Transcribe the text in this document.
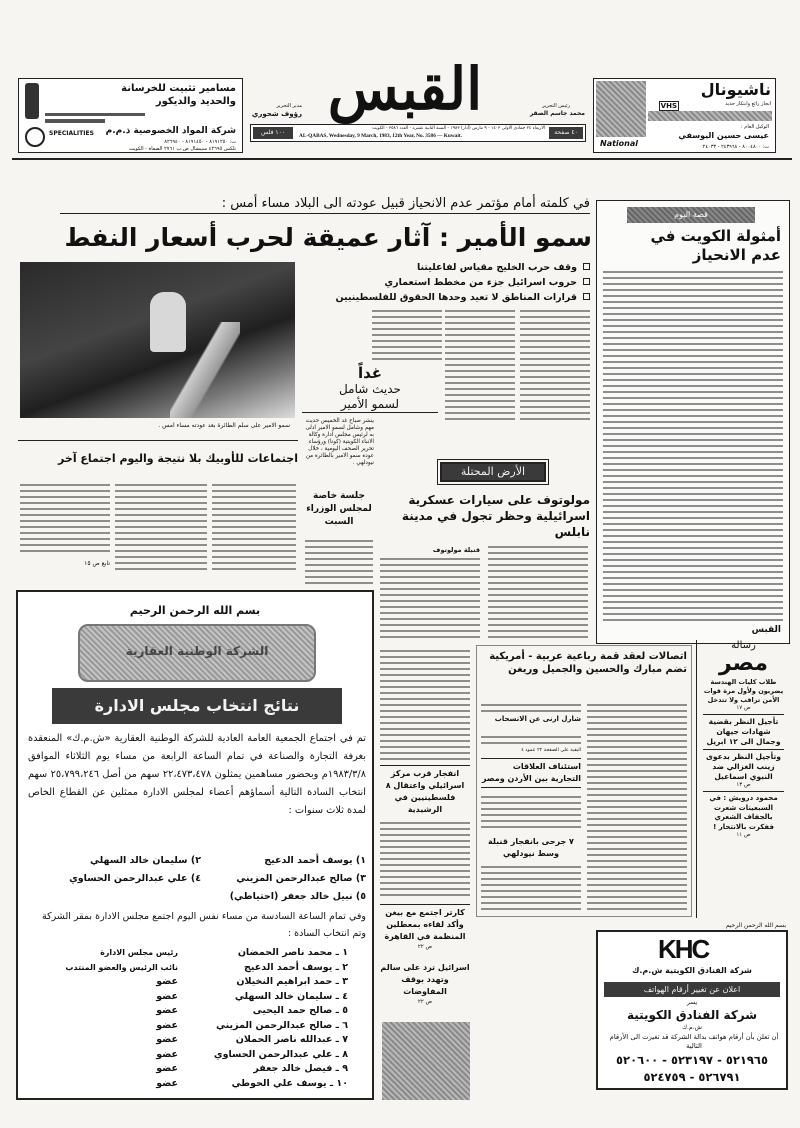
مسامير تثبيت للخرسانة والحديد والديكور
شركة المواد الخصوصية ذ.م.م
SPECIALITIES
ت: ٨١٩١٢٥٠ - ٨١٩١٤٥٠ - ٨٢٦٩٤٠
تلكس ٤٢٦٩٥ سبيشال ص.ب ٢٧٦١ الصفاة - الكويت
مدير التحرير
رؤوف شحوري القبس	رئيس التحرير
محمد جاسم الصقر
١٠٠ فلس	٤٠ صفحة
الاربعاء ٢٤ جمادى الاولى ١٤٠٣ - ٩ مارس (آذار) ١٩٨٣ - السنة الثانية عشرة - العدد ٣٥٨٦ - الكويت
AL-QABAS, Wednesday, 9 March, 1983, 12th Year, No. 3586 — Kuwait.
ناشيونال
VHS	انجاز رائع وابتكار جديد
National
الوكيل العام :
عيسى حسين اليوسفي
ت: ٨٠٠٤٨٠٠ - ٢٤٣٩٦٨ - ٢٤٠٣٣
في كلمته أمام مؤتمر عدم الانحياز قبيل عودته الى البلاد مساء أمس :
سمو الأمير : آثار عميقة لحرب أسعار النفط
سمو الامير على سلم الطائرة بعد عودته مساء امس .
وقف حرب الخليج مقياس لفاعليتنا
حروب اسرائيل جزء من مخطط استعماري
قرارات المناطق لا تعيد وحدها الحقوق للفلسطينيين
غداً
حديث شامل
لسمو الأمير
ينشر صباح غد الخميس حديث مهم وشامل لسمو الامير ادلى به لرئيس مجلس ادارة وكالة الانباء الكويتية (كونا) ورؤساء تحرير الصحف اليومية ، خلال عودة سمو الامير بالطائرة من نيودلهي .
اجتماعات للأوبيك بلا نتيجة واليوم اجتماع آخر
تابع ص ١٥
جلسة خاصة لمجلس الوزراء السبت
الأرض المحتلة
مولوتوف على سيارات عسكرية اسرائيلية وحظر تجول في مدينة نابلس
قنبلة مولوتوف
قصة اليوم
أمثولة الكويت في عدم الانحياز
القبس
اتصالات لعقد قمة رباعية عربية - أمريكية
تضم مبارك والحسين والجميل وريغن
شارل ارنى عن الانسحاب
البقية على الصفحة ٢٢ عمود ٤
استئناف العلاقات التجارية بين الأردن ومصر
٧ جرحى بانفجار قنبلة وسط نيودلهي
رسالة
مصر
طلاب كليات الهندسة يضربون ولأول مرة قوات الأمن تراقب ولا تتدخل
ص ١٧
تأجيل النظر بقضية شهادات جيهان وجمال الى ١٢ ابريل
وتأجيل النظر بدعوى زينب الغزالي ضد النبوي اسماعيل
ص ١٣
محمود درويش : في السبعينات شعرت بالجفاف الشعري ففكرت بالانتحار !
ص ١١
انفجار قرب مركز اسرائيلي واعتقال ٨ فلسطينيين في الرشيدية
كارتر اجتمع مع بيغن وأكد لقاءه بمعطلين المنظمة في القاهرة
ص ٢٢
اسرائيل ترد على سالم وتهدد بوقف المفاوضات
ص ٢٢
بسم الله الرحمن الرحيم
الشركة الوطنية العقارية
نتائج انتخاب مجلس الادارة
تم في اجتماع الجمعية العامة العادية للشركة الوطنية العقارية «ش.م.ك» المنعقدة بغرفة التجارة والصناعة في تمام الساعة الرابعة من مساء يوم الثلاثاء الموافق ١٩٨٣/٣/٨م وبحضور مساهمين يمثلون ٢٢،٤٧٣،٤٧٨ سهم من أصل ٢٥،٧٩٩،٢٤٦ سهم انتخاب السادة التالية أسماؤهم أعضاء لمجلس الادارة ممثلين عن القطاع الخاص لمدة ثلاث سنوات :
١) يوسف أحمد الدعيج٢) سليمان خالد السهلي
٣) صالح عبدالرحمن المزيني٤) علي عبدالرحمن الحساوي
٥) نبيل خالد جعفر (احتياطي)
وفي تمام الساعة السادسة من مساء نفس اليوم اجتمع مجلس الادارة بمقر الشركة وتم انتخاب السادة :
١ ـ محمد ناصر الحمضان
رئيس مجلس الادارة
٢ ـ يوسف أحمد الدعيج
نائب الرئيس والعضو المنتدب
٣ ـ حمد ابراهيم النخيلان
عضو
٤ ـ سليمان خالد السهلي
عضو
٥ ـ صالح حمد اليحيى
عضو
٦ ـ صالح عبدالرحمن المزيني
عضو
٧ ـ عبدالله ناصر الحملان
عضو
٨ ـ علي عبدالرحمن الحساوي
عضو
٩ ـ فيصل خالد جعفر
عضو
١٠ ـ يوسف علي الحوطي
عضو
بسم الله الرحمن الرحيم
KHC
شركة الفنادق الكويتية ش.م.ك
اعلان عن تغيير أرقام الهواتف
يسر
شركة الفنادق الكويتية
ش.م.ك
أن تعلن بأن أرقام هواتف بدالة الشركة قد تغيرت الى الأرقام التالية
٥٢١٩٦٥ - ٥٢٣١٩٧ - ٥٢٠٦٠٠
٥٢٦٧٩١ - ٥٢٤٧٥٩
